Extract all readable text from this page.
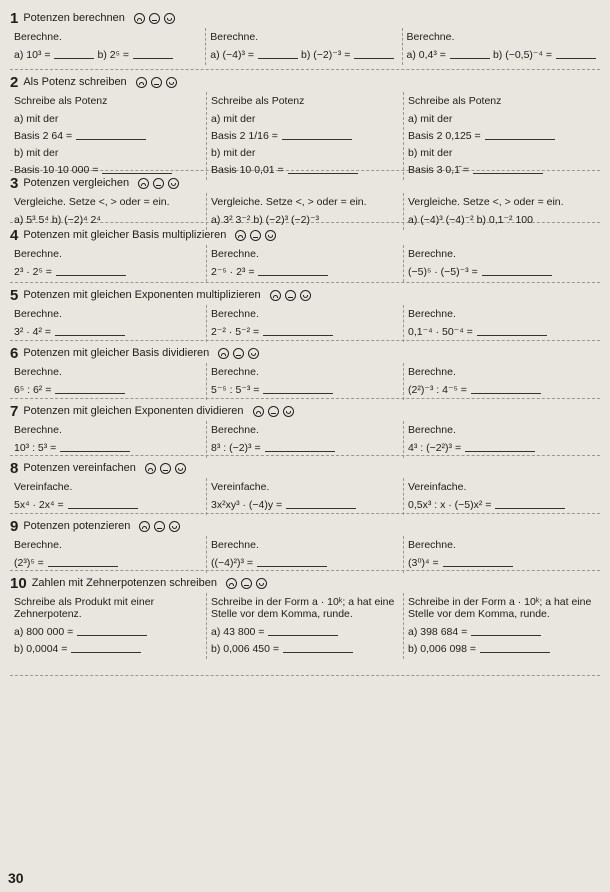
1 Potenzen berechnen
Berechne.
a) 10³ =	b) 2⁵ =
Berechne.
a) (−4)³ =	b) (−2)⁻³ =
Berechne.
a) 0,4³ =	b) (−0,5)⁻⁴ =
2 Als Potenz schreiben
Schreibe als Potenz
a) mit der
Basis 2 64 =
b) mit der
Basis 10 10 000 =
Schreibe als Potenz
a) mit der
Basis 2 1/16 =
b) mit der
Basis 10 0,01 =
Schreibe als Potenz
a) mit der
Basis 2 0,125 =
b) mit der
Basis 3 0,1̄ =
3 Potenzen vergleichen
Vergleiche. Setze <, > oder = ein.
a) 5³ 5⁴ b) (−2)⁴ 2⁴
Vergleiche. Setze <, > oder = ein.
a) 3² 3⁻² b) (−2)³ (−2)⁻³
Vergleiche. Setze <, > oder = ein.
a) (−4)³ (−4)⁻² b) 0,1⁻² 100
4 Potenzen mit gleicher Basis multiplizieren
Berechne.
2³ · 2⁵ =
Berechne.
2⁻⁵ · 2³ =
Berechne.
(−5)⁵ · (−5)⁻³ =
5 Potenzen mit gleichen Exponenten multiplizieren
Berechne.
3² · 4² =
Berechne.
2⁻² · 5⁻² =
Berechne.
0,1⁻⁴ · 50⁻⁴ =
6 Potenzen mit gleicher Basis dividieren
Berechne.
6⁵ : 6² =
Berechne.
5⁻⁵ : 5⁻³ =
Berechne.
(2²)⁻³ : 4⁻⁵ =
7 Potenzen mit gleichen Exponenten dividieren
Berechne.
10³ : 5³ =
Berechne.
8³ : (−2)³ =
Berechne.
4³ : (−2²)³ =
8 Potenzen vereinfachen
Vereinfache.
5x⁴ · 2x⁴ =
Vereinfache.
3x²xy³ · (−4)y =
Vereinfache.
0,5x³ : x · (−5)x² =
9 Potenzen potenzieren
Berechne.
(2³)⁵ =
Berechne.
((−4)²)³ =
Berechne.
(3⁰)⁴ =
10 Zahlen mit Zehnerpotenzen schreiben
Schreibe als Produkt mit einer Zehnerpotenz.
a) 800 000 =
b) 0,0004 =
Schreibe in der Form a · 10ᵏ; a hat eine Stelle vor dem Komma, runde.
a) 43 800 =
b) 0,006 450 =
Schreibe in der Form a · 10ᵏ; a hat eine Stelle vor dem Komma, runde.
a) 398 684 =
b) 0,006 098 =
30
